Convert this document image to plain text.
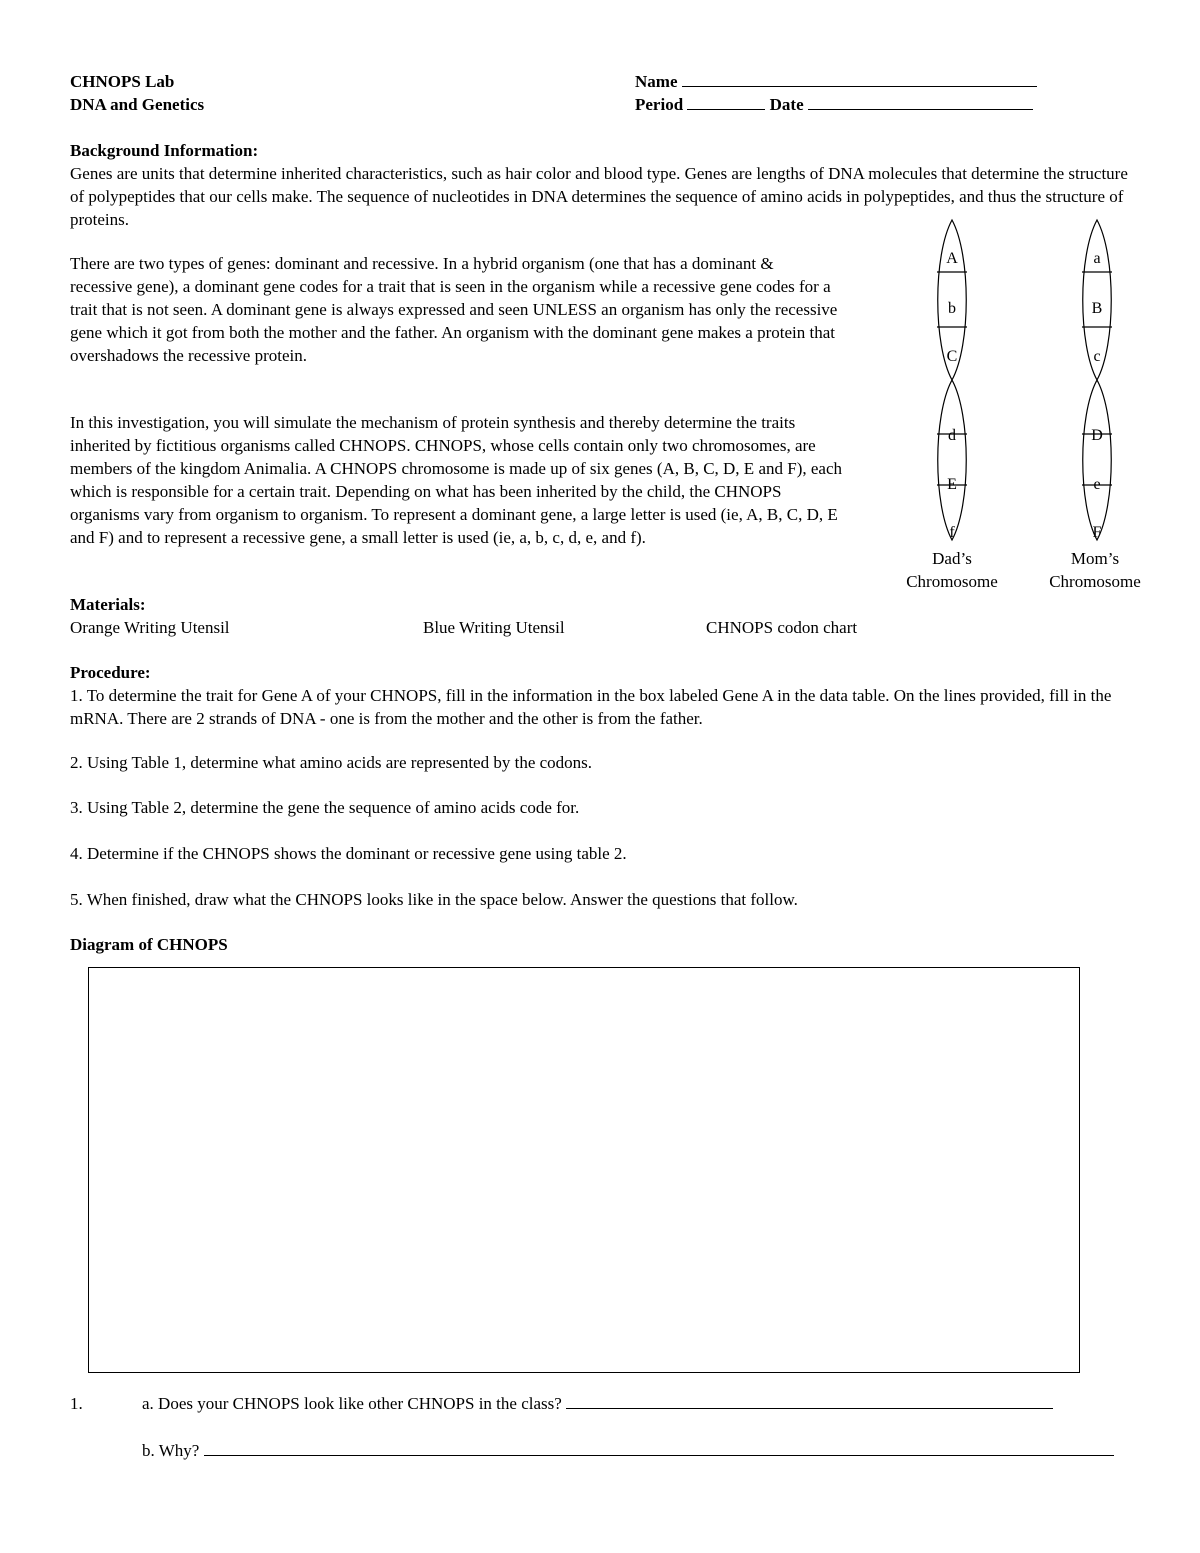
CHNOPS Lab
DNA and Genetics
Name
Period	Date
Background Information:

Genes are units that determine inherited characteristics, such as hair color and blood type. Genes are lengths of DNA molecules that determine the structure of polypeptides that our cells make. The sequence of nucleotides in DNA determines the sequence of amino acids in polypeptides, and thus the structure of proteins.

There are two types of genes: dominant and recessive. In a hybrid organism (one that has a dominant & recessive gene), a dominant gene codes for a trait that is seen in the organism while a recessive gene codes for a trait that is not seen. A dominant gene is always expressed and seen UNLESS an organism has only the recessive gene which it got from both the mother and the father. An organism with the dominant gene makes a protein that overshadows the recessive protein.

In this investigation, you will simulate the mechanism of protein synthesis and thereby determine the traits inherited by fictitious organisms called CHNOPS. CHNOPS, whose cells contain only two chromosomes, are members of the kingdom Animalia. A CHNOPS chromosome is made up of six genes (A, B, C, D, E and F), each which is responsible for a certain trait. Depending on what has been inherited by the child, the CHNOPS organisms vary from organism to organism. To represent a dominant gene, a large letter is used (ie, A, B, C, D, E and F) and to represent a recessive gene, a small letter is used (ie, a, b, c, d, e, and f).

A
b
C
d
E
f
a
B
c
D
e
F
Dad’s
Chromosome
Mom’s
Chromosome
Materials:
Orange Writing Utensil	Blue Writing Utensil	CHNOPS codon chart
Procedure:

1. To determine the trait for Gene A of your CHNOPS, fill in the information in the box labeled Gene A in the data table. On the lines provided, fill in the mRNA. There are 2 strands of DNA - one is from the mother and the other is from the father.

2. Using Table 1, determine what amino acids are represented by the codons.

3. Using Table 2, determine the gene the sequence of amino acids code for.

4. Determine if the CHNOPS shows the dominant or recessive gene using table 2.

5. When finished, draw what the CHNOPS looks like in the space below. Answer the questions that follow.

Diagram of CHNOPS
1.	a. Does your CHNOPS look like other CHNOPS in the class?
b. Why?
